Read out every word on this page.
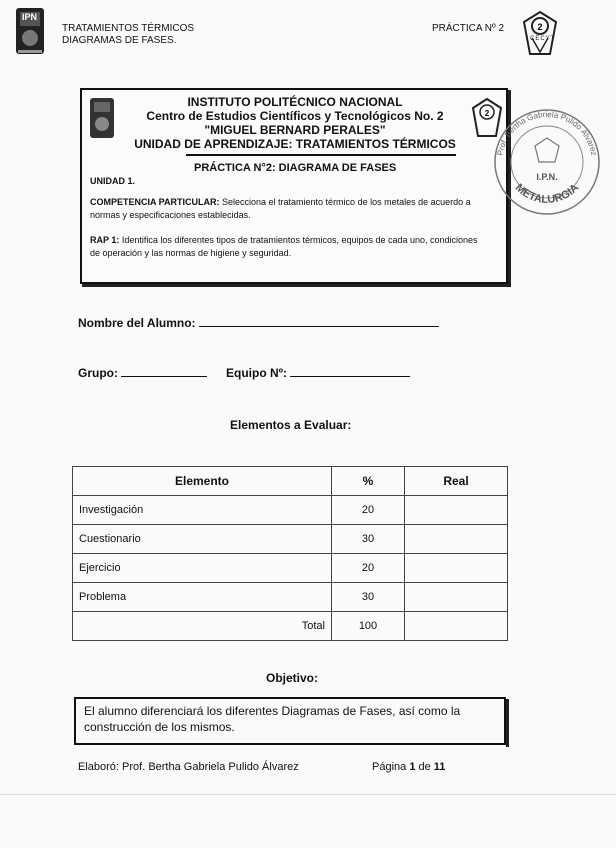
IPN
TRATAMIENTOS TÉRMICOS
DIAGRAMAS DE FASES.
PRÁCTICA Nº 2	2
CECYT
2
INSTITUTO POLITÉCNICO NACIONAL
Centro de Estudios Científicos y Tecnológicos No. 2
"MIGUEL BERNARD PERALES"
UNIDAD DE APRENDIZAJE: TRATAMIENTOS TÉRMICOS
PRÁCTICA N°2: DIAGRAMA DE FASES
UNIDAD 1.
COMPETENCIA PARTICULAR: Selecciona el tratamiento térmico de los metales de acuerdo a normas y especificaciones establecidas.
RAP 1: Identifica los diferentes tipos de tratamientos térmicos, equipos de cada uno, condiciones de operación y las normas de higiene y seguridad.
Prof. Bertha Gabriela Pulido Álvarez
METALURGIA
I.P.N.
Nombre del Alumno:
Grupo:	Equipo Nº:
Elementos a Evaluar:
Elemento	%	Real
Investigación	20	
Cuestionario	30	
Ejercicio	20	
Problema	30	
Total	100	
Objetivo:
El alumno diferenciará los diferentes Diagramas de Fases, así como la construcción de los mismos.
Elaboró: Prof. Bertha Gabriela Pulido Álvarez	Página 1 de 11
